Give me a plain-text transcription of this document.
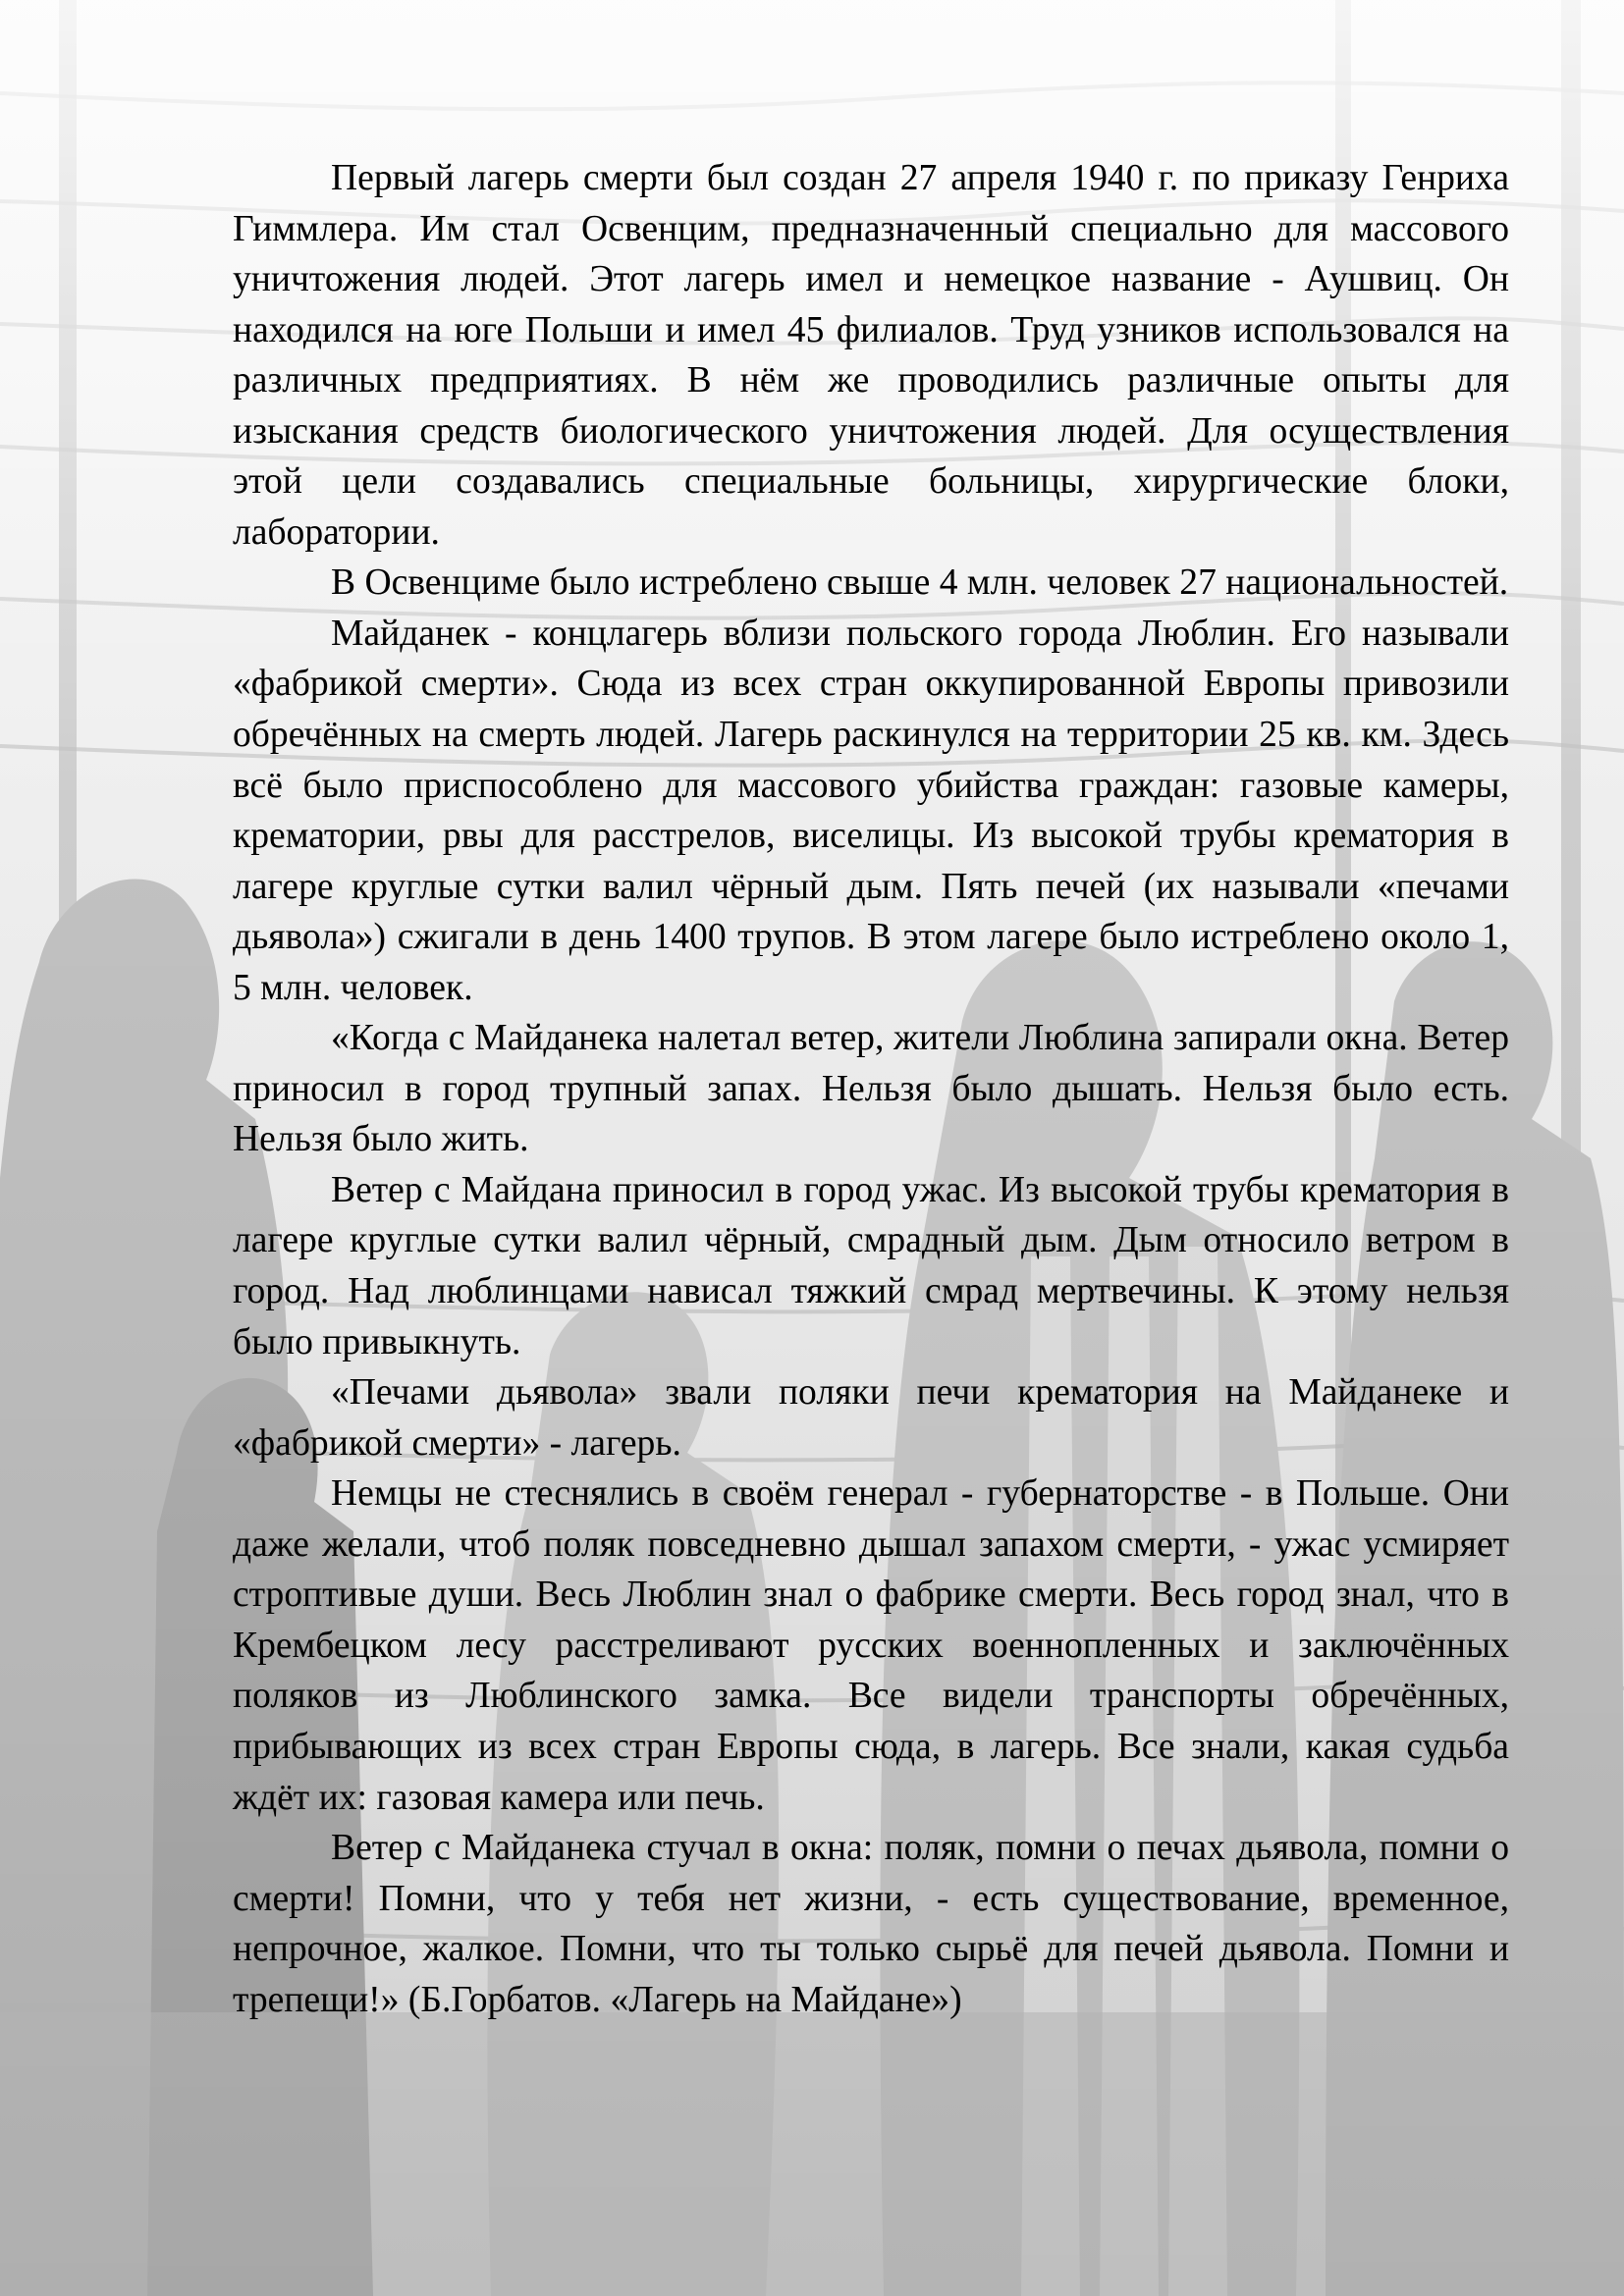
Первый лагерь смерти был создан 27 апреля 1940 г. по приказу Генриха Гиммлера. Им стал Освенцим, предназначенный специально для массового уничтожения людей. Этот лагерь имел и немецкое название - Аушвиц. Он находился на юге Польши и имел 45 филиалов. Труд узников использовался на различных предприятиях. В нём же проводились различные опыты для изыскания средств биологического уничтожения людей. Для осуществления этой цели создавались специальные больницы, хирургические блоки, лаборатории.

В Освенциме было истреблено свыше 4 млн. человек 27 национальностей.

Майданек - концлагерь вблизи польского города Люблин. Его называли «фабрикой смерти». Сюда из всех стран оккупированной Европы привозили обречённых на смерть людей. Лагерь раскинулся на территории 25 кв. км. Здесь всё было приспособлено для массового убийства граждан: газовые камеры, крематории, рвы для расстрелов, виселицы. Из высокой трубы крематория в лагере круглые сутки валил чёрный дым. Пять печей (их называли «печами дьявола») сжигали в день 1400 трупов. В этом лагере было истреблено около 1, 5 млн. человек.

«Когда с Майданека налетал ветер, жители Люблина запирали окна. Ветер приносил в город трупный запах. Нельзя было дышать. Нельзя было есть. Нельзя было жить.

Ветер с Майдана приносил в город ужас. Из высокой трубы крематория в лагере круглые сутки валил чёрный, смрадный дым. Дым относило ветром в город. Над люблинцами нависал тяжкий смрад мертвечины. К этому нельзя было привыкнуть.

«Печами дьявола» звали поляки печи крематория на Майданеке и «фабрикой смерти» - лагерь.

Немцы не стеснялись в своём генерал - губернаторстве - в Польше. Они даже желали, чтоб поляк повседневно дышал запахом смерти, - ужас усмиряет строптивые души. Весь Люблин знал о фабрике смерти. Весь город знал, что в Крембецком лесу расстреливают русских военнопленных и заключённых поляков из Люблинского замка. Все видели транспорты обречённых, прибывающих из всех стран Европы сюда, в лагерь. Все знали, какая судьба ждёт их: газовая камера или печь.

Ветер с Майданека стучал в окна: поляк, помни о печах дьявола, помни о смерти! Помни, что у тебя нет жизни, - есть существование, временное, непрочное, жалкое. Помни, что ты только сырьё для печей дьявола. Помни и трепещи!» (Б.Горбатов. «Лагерь на Майдане»)
